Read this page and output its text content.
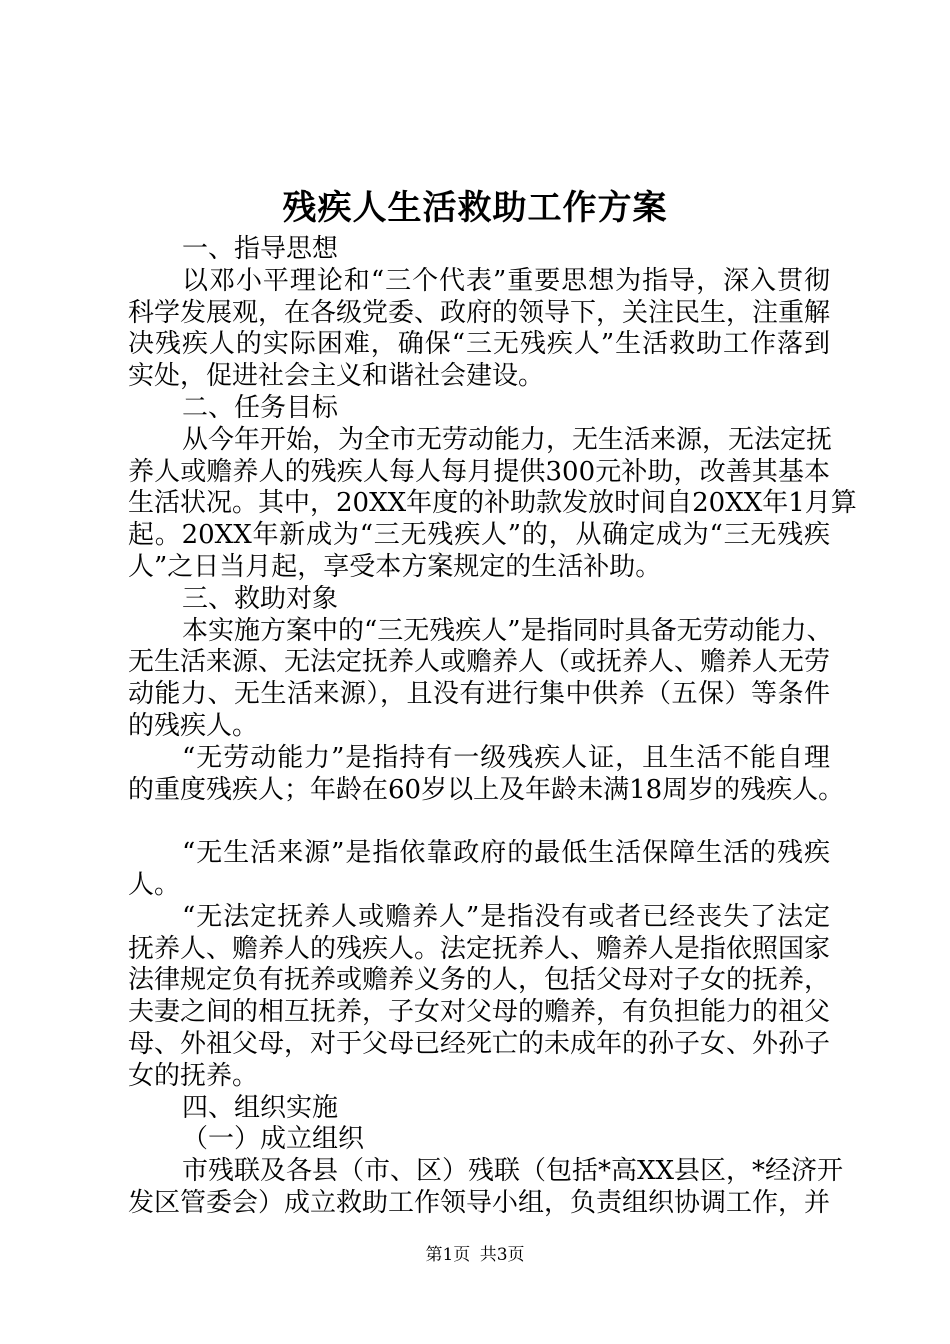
残疾人生活救助工作方案
一、指导思想
以邓小平理论和“三个代表”重要思想为指导，深入贯彻
科学发展观，在各级党委、政府的领导下，关注民生，注重解
决残疾人的实际困难，确保“三无残疾人”生活救助工作落到
实处，促进社会主义和谐社会建设。
二、任务目标
从今年开始，为全市无劳动能力，无生活来源，无法定抚
养人或赡养人的残疾人每人每月提供300元补助，改善其基本
生活状况。其中，20XX年度的补助款发放时间自20XX年1月算
起。20XX年新成为“三无残疾人”的，从确定成为“三无残疾
人”之日当月起，享受本方案规定的生活补助。
三、救助对象
本实施方案中的“三无残疾人”是指同时具备无劳动能力、
无生活来源、无法定抚养人或赡养人（或抚养人、赡养人无劳
动能力、无生活来源），且没有进行集中供养（五保）等条件
的残疾人。
“无劳动能力”是指持有一级残疾人证，且生活不能自理
的重度残疾人；年龄在60岁以上及年龄未满18周岁的残疾人。
“无生活来源”是指依靠政府的最低生活保障生活的残疾
人。
“无法定抚养人或赡养人”是指没有或者已经丧失了法定
抚养人、赡养人的残疾人。法定抚养人、赡养人是指依照国家
法律规定负有抚养或赡养义务的人，包括父母对子女的抚养，
夫妻之间的相互抚养，子女对父母的赡养，有负担能力的祖父
母、外祖父母，对于父母已经死亡的未成年的孙子女、外孙子
女的抚养。
四、组织实施
（一）成立组织
市残联及各县（市、区）残联（包括*高XX县区，*经济开
发区管委会）成立救助工作领导小组，负责组织协调工作，并
第1页 共3页
